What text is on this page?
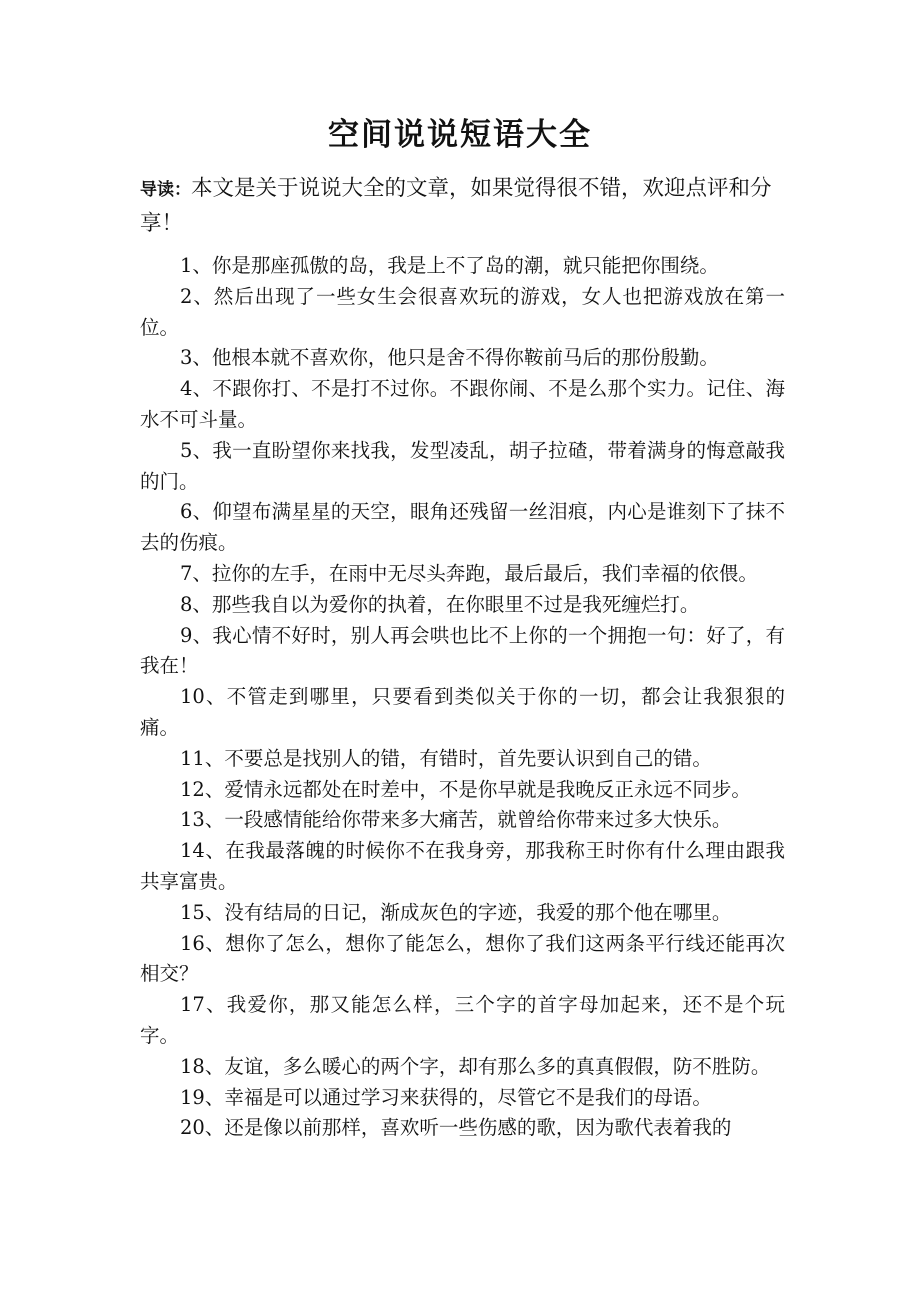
空间说说短语大全
导读：本文是关于说说大全的文章，如果觉得很不错，欢迎点评和分享！

1、你是那座孤傲的岛，我是上不了岛的潮，就只能把你围绕。

2、然后出现了一些女生会很喜欢玩的游戏，女人也把游戏放在第一位。

3、他根本就不喜欢你，他只是舍不得你鞍前马后的那份殷勤。

4、不跟你打、不是打不过你。不跟你闹、不是么那个实力。记住、海水不可斗量。

5、我一直盼望你来找我，发型凌乱，胡子拉碴，带着满身的悔意敲我的门。

6、仰望布满星星的天空，眼角还残留一丝泪痕，内心是谁刻下了抹不去的伤痕。

7、拉你的左手，在雨中无尽头奔跑，最后最后，我们幸福的依偎。

8、那些我自以为爱你的执着，在你眼里不过是我死缠烂打。

9、我心情不好时，别人再会哄也比不上你的一个拥抱一句：好了，有我在！

10、不管走到哪里，只要看到类似关于你的一切，都会让我狠狠的痛。

11、不要总是找别人的错，有错时，首先要认识到自己的错。

12、爱情永远都处在时差中，不是你早就是我晚反正永远不同步。

13、一段感情能给你带来多大痛苦，就曾给你带来过多大快乐。

14、在我最落魄的时候你不在我身旁，那我称王时你有什么理由跟我共享富贵。

15、没有结局的日记，渐成灰色的字迹，我爱的那个他在哪里。

16、想你了怎么，想你了能怎么，想你了我们这两条平行线还能再次相交？

17、我爱你，那又能怎么样，三个字的首字母加起来，还不是个玩字。

18、友谊，多么暖心的两个字，却有那么多的真真假假，防不胜防。

19、幸福是可以通过学习来获得的，尽管它不是我们的母语。

20、还是像以前那样，喜欢听一些伤感的歌，因为歌代表着我的
